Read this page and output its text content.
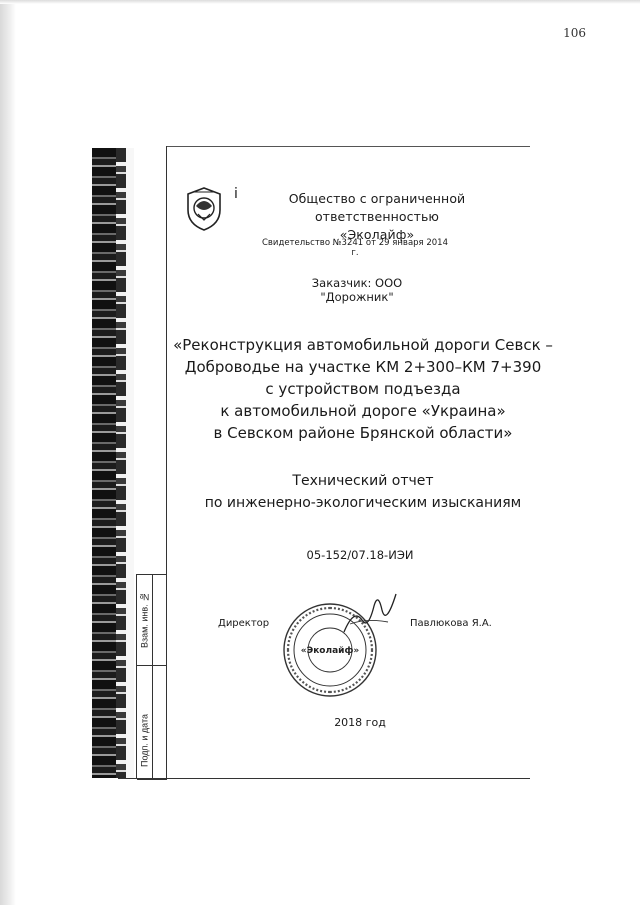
106
Взам. инв. №
Подп. и дата
i	Общество с ограниченной ответственностью
«Эколайф»
Свидетельство №3241 от 29 января 2014 г.
Заказчик: ООО "Дорожник"
«Реконструкция автомобильной дороги Севск –
Доброводье на участке КМ 2+300–КМ 7+390
с устройством подъезда
к автомобильной дороге «Украина»
в Севском районе Брянской области»
Технический отчет
по инженерно-экологическим изысканиям
05-152/07.18-ИЭИ
Директор
«Эколайф»
Павлюкова Я.А.
2018 год
